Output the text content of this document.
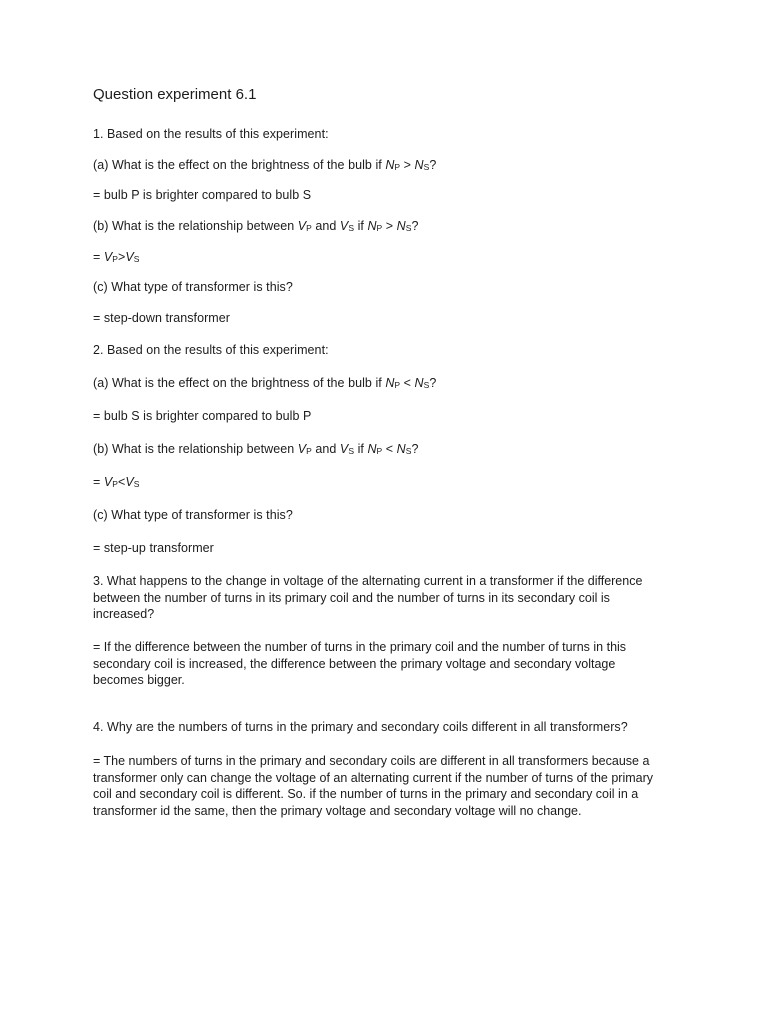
Question experiment 6.1
1. Based on the results of this experiment:
(a) What is the effect on the brightness of the bulb if $N_P > N_S$?
= bulb P is brighter compared to bulb S
(b) What is the relationship between $V_P$ and $V_S$ if $N_P > N_S$?
= $V_P>V_S$
(c) What type of transformer is this?
= step-down transformer
2. Based on the results of this experiment:
(a) What is the effect on the brightness of the bulb if $N_P < N_S$?
= bulb S is brighter compared to bulb P
(b) What is the relationship between $V_P$ and $V_S$ if $N_P < N_S$?
= $V_P<V_S$
(c) What type of transformer is this?
= step-up transformer
3. What happens to the change in voltage of the alternating current in a transformer if the difference
between the number of turns in its primary coil and the number of turns in its secondary coil is
increased?
= If the difference between the number of turns in the primary coil and the number of turns in this
secondary coil is increased, the difference between the primary voltage and secondary voltage
becomes bigger.
4. Why are the numbers of turns in the primary and secondary coils different in all transformers?
= The numbers of turns in the primary and secondary coils are different in all transformers because a
transformer only can change the voltage of an alternating current if the number of turns of the primary
coil and secondary coil is different. So. if the number of turns in the primary and secondary coil in a
transformer id the same, then the primary voltage and secondary voltage will no change.
